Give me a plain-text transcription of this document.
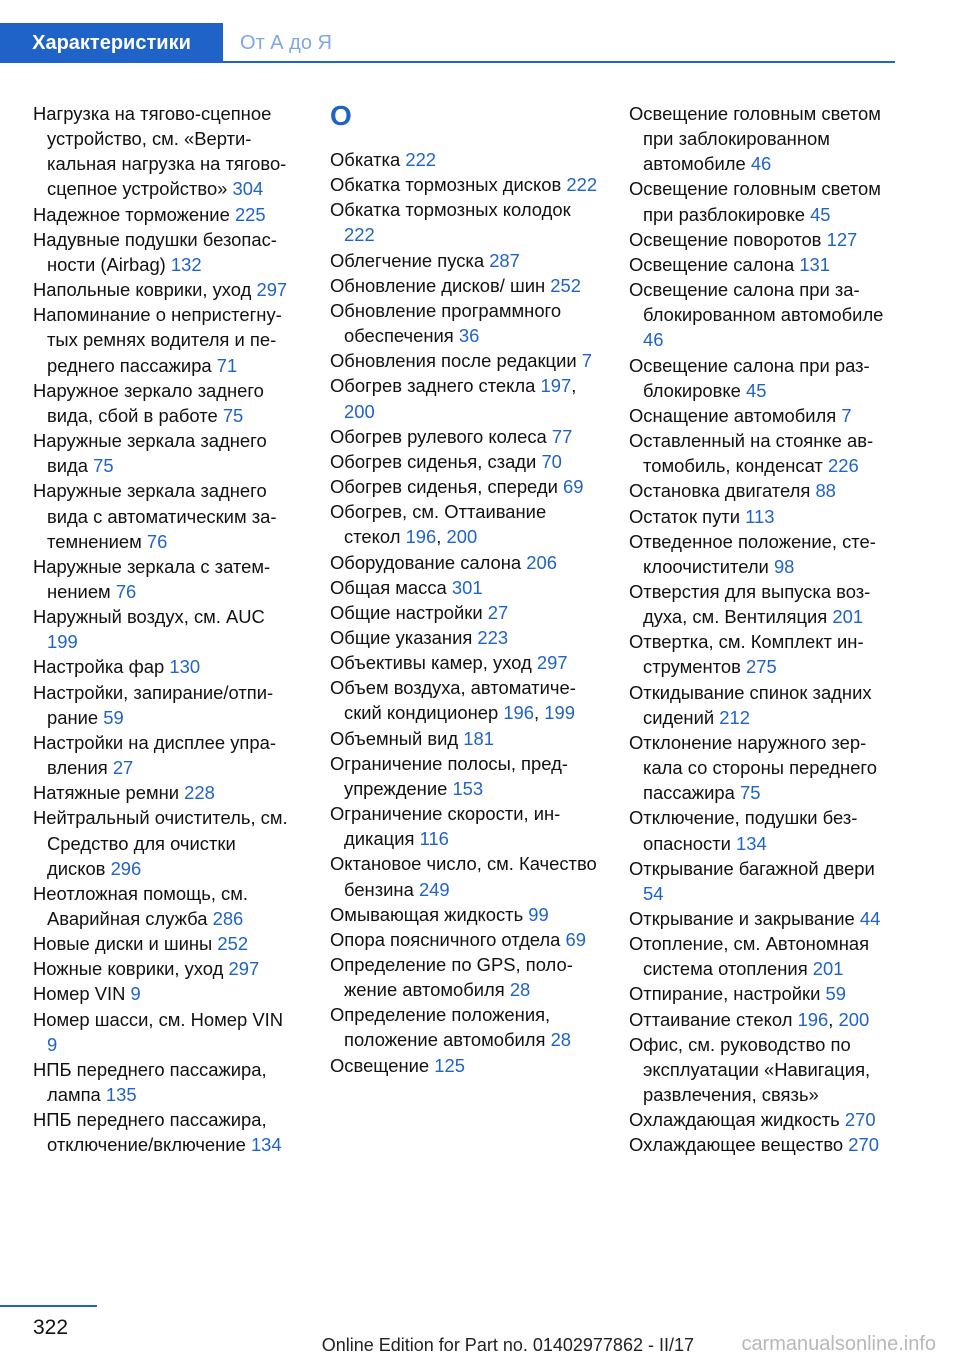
Характеристики	От А до Я

Нагрузка на тягово-сцепное устройство, см. «Вертикальная нагрузка на тягово-сцепное устройство» 304

Надежное торможение 225

Надувные подушки безопасности (Airbag) 132

Напольные коврики, уход 297

Напоминание о непристегнутых ремнях водителя и переднего пассажира 71

Наружное зеркало заднего вида, сбой в работе 75

Наружные зеркала заднего вида 75

Наружные зеркала заднего вида с автоматическим затемнением 76

Наружные зеркала с затемнением 76

Наружный воздух, см. AUC 199

Настройка фар 130

Настройки, запирание/отпирание 59

Настройки на дисплее управления 27

Натяжные ремни 228

Нейтральный очиститель, см. Средство для очистки дисков 296

Неотложная помощь, см. Аварийная служба 286

Новые диски и шины 252

Ножные коврики, уход 297

Номер VIN 9

Номер шасси, см. Номер VIN 9

НПБ переднего пассажира, лампа 135

НПБ переднего пассажира, отключение/включение 134

О

Обкатка 222

Обкатка тормозных дисков 222

Обкатка тормозных колодок 222

Облегчение пуска 287

Обновление дисков/ шин 252

Обновление программного обеспечения 36

Обновления после редакции 7

Обогрев заднего стекла 197, 200

Обогрев рулевого колеса 77

Обогрев сиденья, сзади 70

Обогрев сиденья, спереди 69

Обогрев, см. Оттаивание стекол 196, 200

Оборудование салона 206

Общая масса 301

Общие настройки 27

Общие указания 223

Объективы камер, уход 297

Объем воздуха, автоматический кондиционер 196, 199

Объемный вид 181

Ограничение полосы, предупреждение 153

Ограничение скорости, индикация 116

Октановое число, см. Качество бензина 249

Омывающая жидкость 99

Опора поясничного отдела 69

Определение по GPS, положение автомобиля 28

Определение положения, положение автомобиля 28

Освещение 125

Освещение головным светом при заблокированном автомобиле 46

Освещение головным светом при разблокировке 45

Освещение поворотов 127

Освещение салона 131

Освещение салона при заблокированном автомобиле 46

Освещение салона при разблокировке 45

Оснащение автомобиля 7

Оставленный на стоянке автомобиль, конденсат 226

Остановка двигателя 88

Остаток пути 113

Отведенное положение, стеклоочистители 98

Отверстия для выпуска воздуха, см. Вентиляция 201

Отвертка, см. Комплект инструментов 275

Откидывание спинок задних сидений 212

Отклонение наружного зеркала со стороны переднего пассажира 75

Отключение, подушки безопасности 134

Открывание багажной двери 54

Открывание и закрывание 44

Отопление, см. Автономная система отопления 201

Отпирание, настройки 59

Оттаивание стекол 196, 200

Офис, см. руководство по эксплуатации «Навигация, развлечения, связь»

Охлаждающая жидкость 270

Охлаждающее вещество 270

322
Online Edition for Part no. 01402977862 - II/17 carmanualsonline.info
